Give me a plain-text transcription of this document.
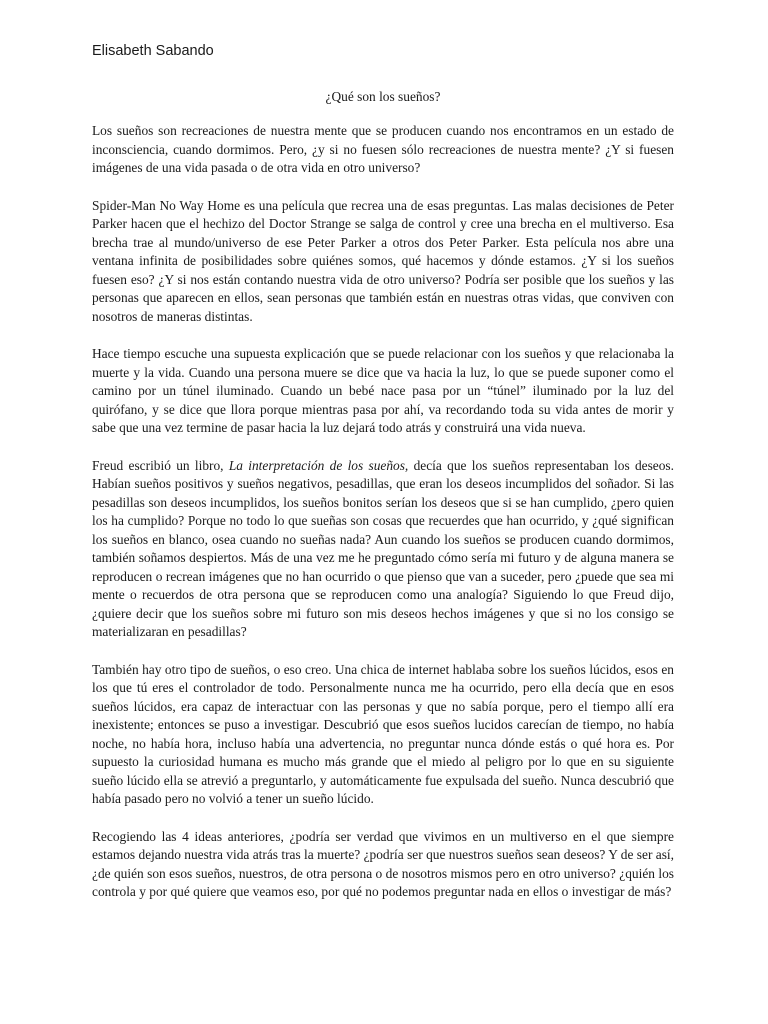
Elisabeth Sabando
¿Qué son los sueños?

Los sueños son recreaciones de nuestra mente que se producen cuando nos encontramos en un estado de inconsciencia, cuando dormimos. Pero, ¿y si no fuesen sólo recreaciones de nuestra mente? ¿Y si fuesen imágenes de una vida pasada o de otra vida en otro universo?

Spider-Man No Way Home es una película que recrea una de esas preguntas. Las malas decisiones de Peter Parker hacen que el hechizo del Doctor Strange se salga de control y cree una brecha en el multiverso. Esa brecha trae al mundo/universo de ese Peter Parker a otros dos Peter Parker. Esta película nos abre una ventana infinita de posibilidades sobre quiénes somos, qué hacemos y dónde estamos. ¿Y si los sueños fuesen eso? ¿Y si nos están contando nuestra vida de otro universo? Podría ser posible que los sueños y las personas que aparecen en ellos, sean personas que también están en nuestras otras vidas, que conviven con nosotros de maneras distintas.

Hace tiempo escuche una supuesta explicación que se puede relacionar con los sueños y que relacionaba la muerte y la vida. Cuando una persona muere se dice que va hacia la luz, lo que se puede suponer como el camino por un túnel iluminado. Cuando un bebé nace pasa por un “túnel” iluminado por la luz del quirófano, y se dice que llora porque mientras pasa por ahí, va recordando toda su vida antes de morir y sabe que una vez termine de pasar hacia la luz dejará todo atrás y construirá una vida nueva.

Freud escribió un libro, La interpretación de los sueños, decía que los sueños representaban los deseos. Habían sueños positivos y sueños negativos, pesadillas, que eran los deseos incumplidos del soñador. Si las pesadillas son deseos incumplidos, los sueños bonitos serían los deseos que si se han cumplido, ¿pero quien los ha cumplido? Porque no todo lo que sueñas son cosas que recuerdes que han ocurrido, y ¿qué significan los sueños en blanco, osea cuando no sueñas nada? Aun cuando los sueños se producen cuando dormimos, también soñamos despiertos. Más de una vez me he preguntado cómo sería mi futuro y de alguna manera se reproducen o recrean imágenes que no han ocurrido o que pienso que van a suceder, pero ¿puede que sea mi mente o recuerdos de otra persona que se reproducen como una analogía? Siguiendo lo que Freud dijo, ¿quiere decir que los sueños sobre mi futuro son mis deseos hechos imágenes y que si no los consigo se materializaran en pesadillas?

También hay otro tipo de sueños, o eso creo. Una chica de internet hablaba sobre los sueños lúcidos, esos en los que tú eres el controlador de todo. Personalmente nunca me ha ocurrido, pero ella decía que en esos sueños lúcidos, era capaz de interactuar con las personas y que no sabía porque, pero el tiempo allí era inexistente; entonces se puso a investigar. Descubrió que esos sueños lucidos carecían de tiempo, no había noche, no había hora, incluso había una advertencia, no preguntar nunca dónde estás o qué hora es. Por supuesto la curiosidad humana es mucho más grande que el miedo al peligro por lo que en su siguiente sueño lúcido ella se atrevió a preguntarlo, y automáticamente fue expulsada del sueño. Nunca descubrió que había pasado pero no volvió a tener un sueño lúcido.

Recogiendo las 4 ideas anteriores, ¿podría ser verdad que vivimos en un multiverso en el que siempre estamos dejando nuestra vida atrás tras la muerte? ¿podría ser que nuestros sueños sean deseos? Y de ser así, ¿de quién son esos sueños, nuestros, de otra persona o de nosotros mismos pero en otro universo? ¿quién los controla y por qué quiere que veamos eso, por qué no podemos preguntar nada en ellos o investigar de más?
